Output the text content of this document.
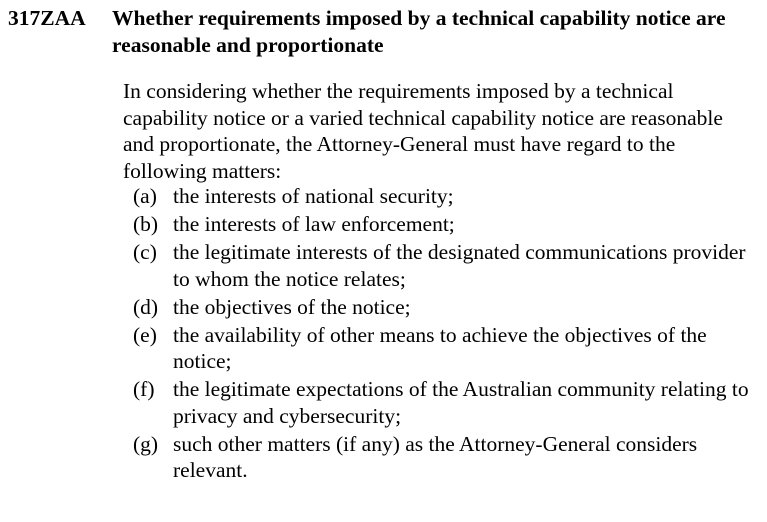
317ZAA Whether requirements imposed by a technical capability notice are reasonable and proportionate
In considering whether the requirements imposed by a technical capability notice or a varied technical capability notice are reasonable and proportionate, the Attorney-General must have regard to the following matters:
(a) the interests of national security;
(b) the interests of law enforcement;
(c) the legitimate interests of the designated communications provider to whom the notice relates;
(d) the objectives of the notice;
(e) the availability of other means to achieve the objectives of the notice;
(f) the legitimate expectations of the Australian community relating to privacy and cybersecurity;
(g) such other matters (if any) as the Attorney-General considers relevant.
